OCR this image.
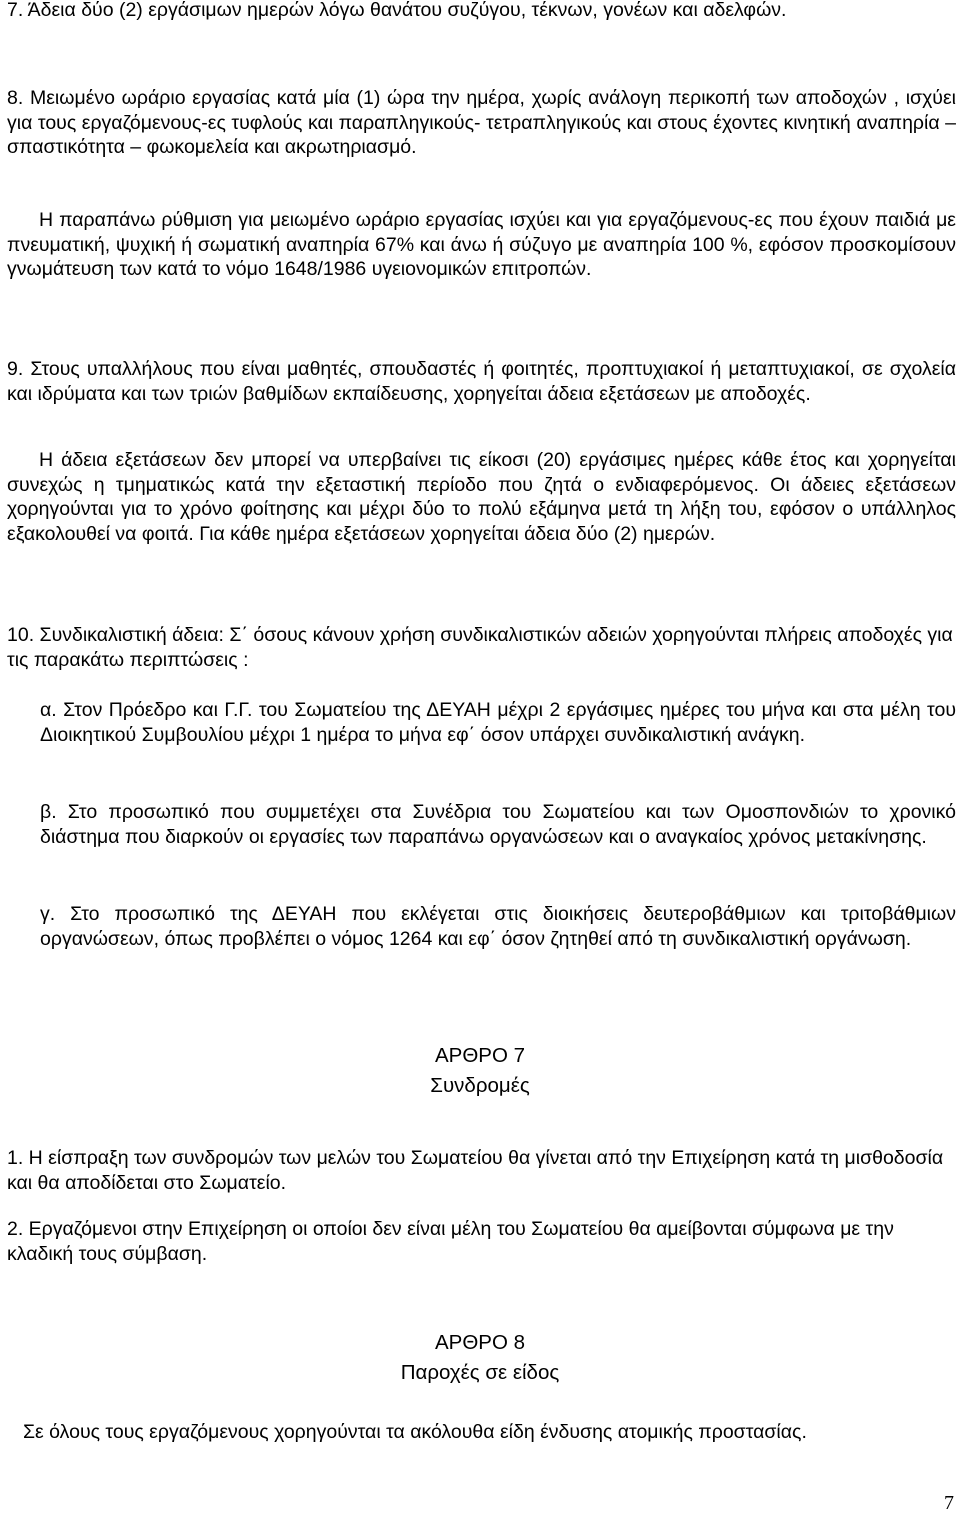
7. Άδεια δύο (2) εργάσιμων ημερών λόγω θανάτου συζύγου, τέκνων, γονέων και αδελφών.

8. Μειωμένο ωράριο εργασίας κατά μία (1) ώρα την ημέρα, χωρίς ανάλογη περικοπή των αποδοχών , ισχύει για τους εργαζόμενους-ες τυφλούς και παραπληγικούς- τετραπληγικούς και στους έχοντες κινητική αναπηρία – σπαστικότητα – φωκομελεία και ακρωτηριασμό.

Η παραπάνω ρύθμιση για μειωμένο ωράριο εργασίας ισχύει και για εργαζόμενους-ες που έχουν παιδιά με πνευματική, ψυχική ή σωματική αναπηρία 67% και άνω ή σύζυγο με αναπηρία 100 %, εφόσον προσκομίσουν γνωμάτευση των κατά το νόμο 1648/1986 υγειονομικών επιτροπών.

9. Στους υπαλλήλους που είναι μαθητές, σπουδαστές ή φοιτητές, προπτυχιακοί ή μεταπτυχιακοί, σε σχολεία και ιδρύματα και των τριών βαθμίδων εκπαίδευσης, χορηγείται άδεια εξετάσεων με αποδοχές.

Η άδεια εξετάσεων δεν μπορεί να υπερβαίνει τις είκοσι (20) εργάσιμες ημέρες κάθε έτος και χορηγείται συνεχώς η τμηματικώς κατά την εξεταστική περίοδο που ζητά ο ενδιαφερόμενος. Οι άδειες εξετάσεων χορηγούνται για το χρόνο φοίτησης και μέχρι δύο το πολύ εξάμηνα μετά τη λήξη του, εφόσον ο υπάλληλος εξακολουθεί να φοιτά. Για κάθε ημέρα εξετάσεων χορηγείται άδεια δύο (2) ημερών.

10. Συνδικαλιστική άδεια: Σ΄ όσους κάνουν χρήση συνδικαλιστικών αδειών χορηγούνται πλήρεις αποδοχές για τις παρακάτω περιπτώσεις :

α. Στον Πρόεδρο και Γ.Γ. του Σωματείου της ΔΕΥΑΗ μέχρι 2 εργάσιμες ημέρες του μήνα και στα μέλη του Διοικητικού Συμβουλίου μέχρι 1 ημέρα το μήνα εφ΄ όσον υπάρχει συνδικαλιστική ανάγκη.

β. Στο προσωπικό που συμμετέχει στα Συνέδρια του Σωματείου και των Ομοσπονδιών το χρονικό διάστημα που διαρκούν οι εργασίες των παραπάνω οργανώσεων και ο αναγκαίος χρόνος μετακίνησης.

γ. Στο προσωπικό της ΔΕΥΑΗ που εκλέγεται στις διοικήσεις δευτεροβάθμιων και τριτοβάθμιων οργανώσεων, όπως προβλέπει ο νόμος 1264 και εφ΄ όσον ζητηθεί από τη συνδικαλιστική οργάνωση.

ΑΡΘΡΟ 7

Συνδρομές

1. Η είσπραξη των συνδρομών των μελών του Σωματείου θα γίνεται από την Επιχείρηση κατά τη μισθοδοσία και θα αποδίδεται στο Σωματείο.

2. Εργαζόμενοι στην Επιχείρηση οι οποίοι δεν είναι μέλη του Σωματείου θα αμείβονται σύμφωνα με την κλαδική τους σύμβαση.

ΑΡΘΡΟ 8

Παροχές σε είδος

Σε όλους τους εργαζόμενους χορηγούνται τα ακόλουθα είδη ένδυσης ατομικής προστασίας.

7
